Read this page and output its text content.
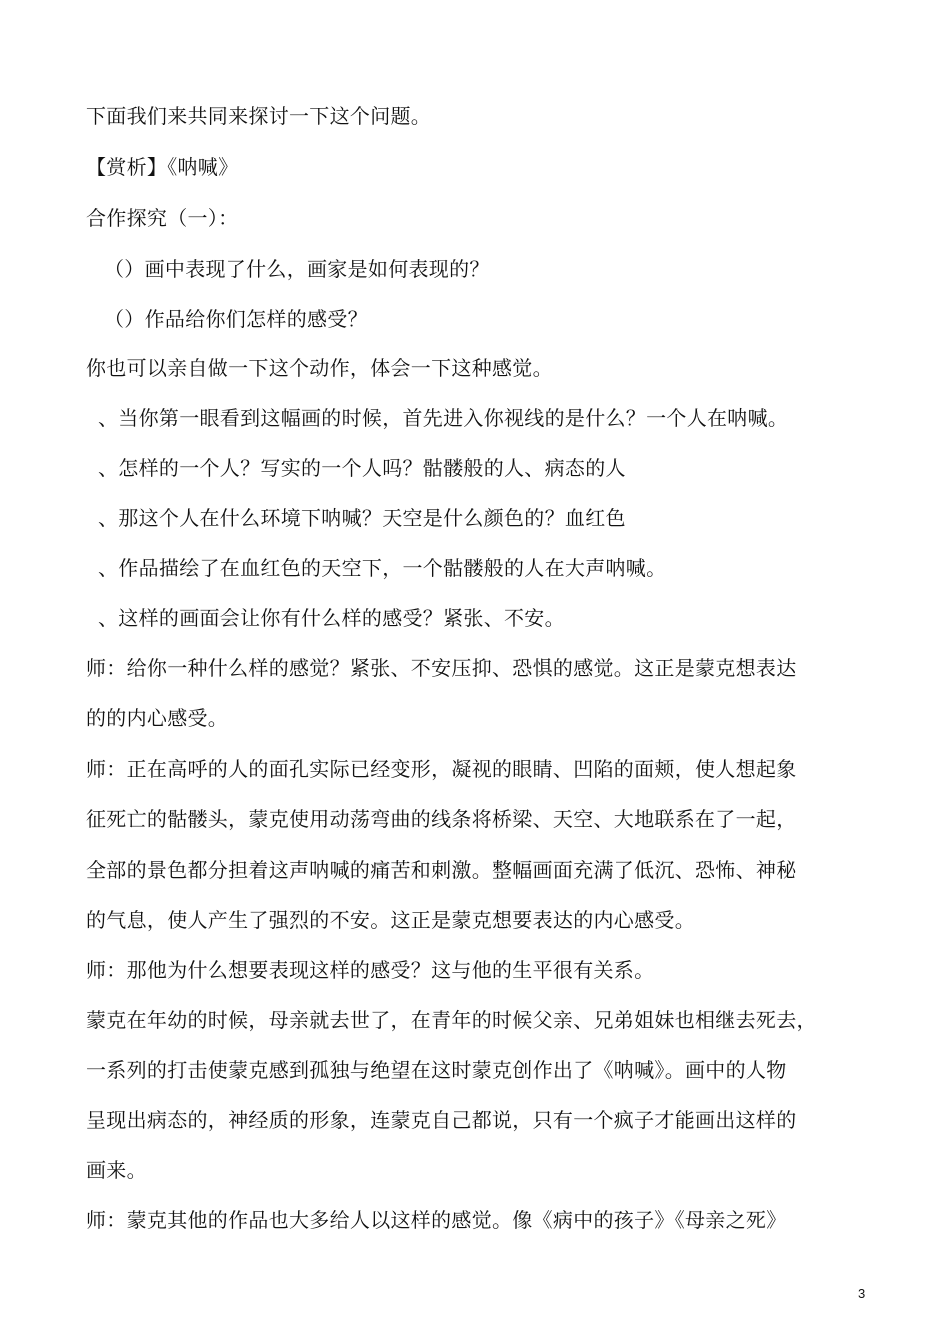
下面我们来共同来探讨一下这个问题。
【赏析】《呐喊》
合作探究（一）：
（）画中表现了什么，画家是如何表现的？
（）作品给你们怎样的感受？
你也可以亲自做一下这个动作，体会一下这种感觉。
、当你第一眼看到这幅画的时候，首先进入你视线的是什么？一个人在呐喊。
、怎样的一个人？写实的一个人吗？骷髅般的人、病态的人
、那这个人在什么环境下呐喊？天空是什么颜色的？血红色
、作品描绘了在血红色的天空下，一个骷髅般的人在大声呐喊。
、这样的画面会让你有什么样的感受？紧张、不安。
师：给你一种什么样的感觉？紧张、不安压抑、恐惧的感觉。这正是蒙克想表达
的的内心感受。
师：正在高呼的人的面孔实际已经变形，凝视的眼睛、凹陷的面颊，使人想起象
征死亡的骷髅头，蒙克使用动荡弯曲的线条将桥梁、天空、大地联系在了一起，
全部的景色都分担着这声呐喊的痛苦和刺激。整幅画面充满了低沉、恐怖、神秘
的气息，使人产生了强烈的不安。这正是蒙克想要表达的内心感受。
师：那他为什么想要表现这样的感受？这与他的生平很有关系。
蒙克在年幼的时候，母亲就去世了，在青年的时候父亲、兄弟姐妹也相继去死去，
一系列的打击使蒙克感到孤独与绝望在这时蒙克创作出了《呐喊》。画中的人物
呈现出病态的，神经质的形象，连蒙克自己都说，只有一个疯子才能画出这样的
画来。
师：蒙克其他的作品也大多给人以这样的感觉。像《病中的孩子》《母亲之死》
3
